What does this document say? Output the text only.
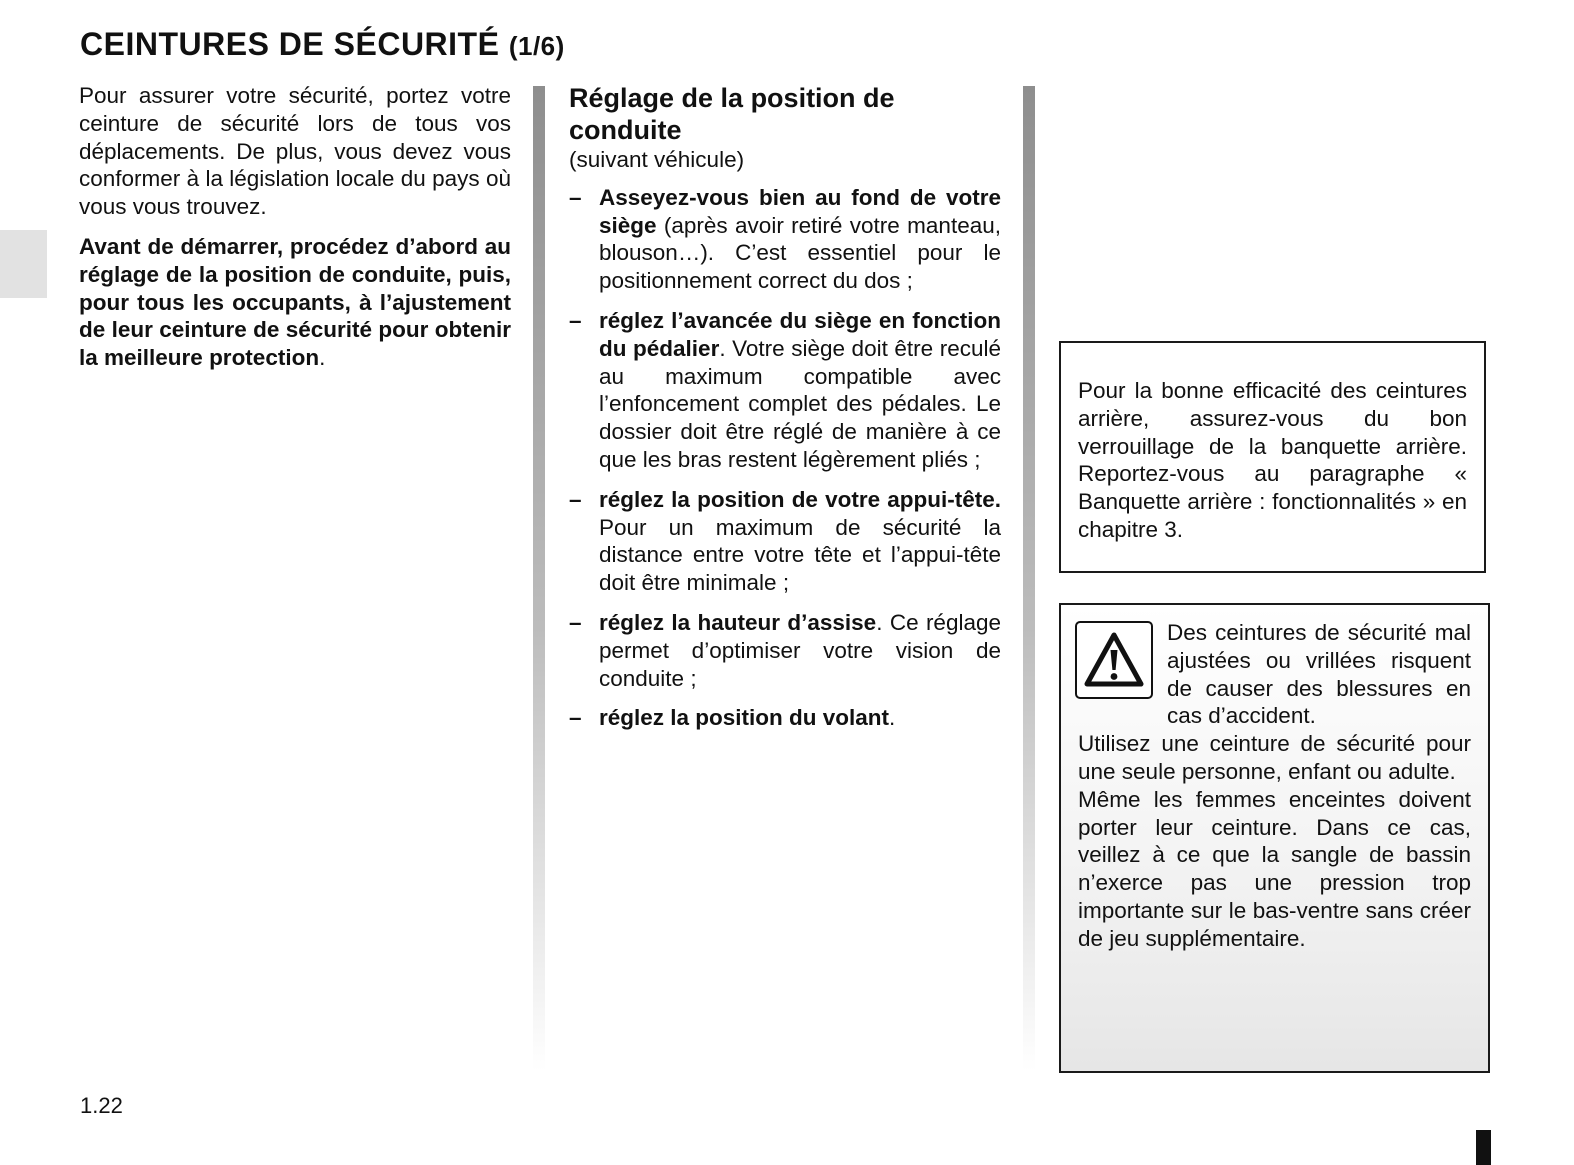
CEINTURES DE SÉCURITÉ (1/6)

Pour assurer votre sécurité, portez votre ceinture de sécurité lors de tous vos déplacements. De plus, vous devez vous conformer à la législation locale du pays où vous vous trouvez.

Avant de démarrer, procédez d’abord au réglage de la position de conduite, puis, pour tous les occupants, à l’ajustement de leur ceinture de sécurité pour obtenir la meilleure protection.

Réglage de la position de conduite

(suivant véhicule)

– Asseyez-vous bien au fond de votre siège (après avoir retiré votre manteau, blouson…). C’est essentiel pour le positionnement correct du dos ;
– réglez l’avancée du siège en fonction du pédalier. Votre siège doit être reculé au maximum compatible avec l’enfoncement complet des pédales. Le dossier doit être réglé de manière à ce que les bras restent légèrement pliés ;
– réglez la position de votre appui-tête. Pour un maximum de sécurité la distance entre votre tête et l’appui-tête doit être minimale ;
– réglez la hauteur d’assise. Ce réglage permet d’optimiser votre vision de conduite ;
– réglez la position du volant.
Pour la bonne efficacité des ceintures arrière, assurez-vous du bon verrouillage de la banquette arrière. Reportez-vous au paragraphe « Banquette arrière : fonctionnalités » en chapitre 3.

Des ceintures de sécurité mal ajustées ou vrillées risquent de causer des blessures en cas d’accident.

Utilisez une ceinture de sécurité pour une seule personne, enfant ou adulte.

Même les femmes enceintes doivent porter leur ceinture. Dans ce cas, veillez à ce que la sangle de bassin n’exerce pas une pression trop importante sur le bas-ventre sans créer de jeu supplémentaire.

1.22
